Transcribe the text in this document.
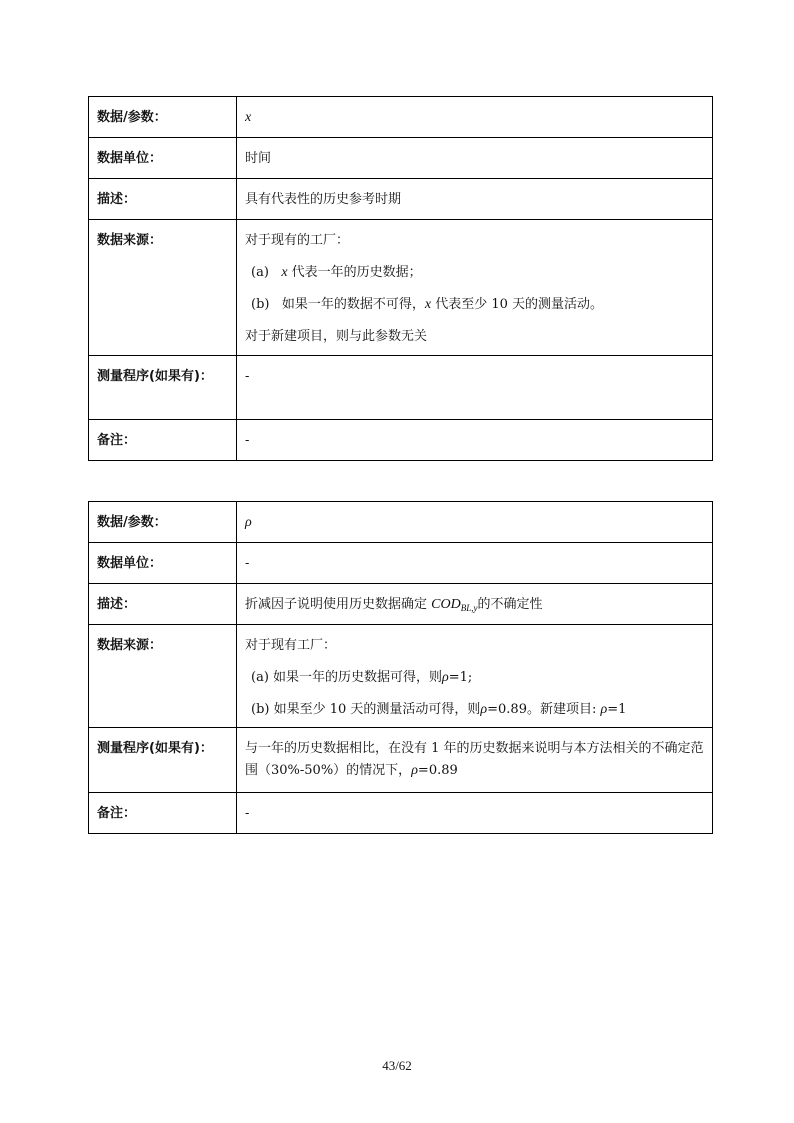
数据/参数：	x
数据单位：	时间
描述：	具有代表性的历史参考时期
数据来源：	对于现有的工厂：
(a) x 代表一年的历史数据；
(b) 如果一年的数据不可得，x 代表至少 10 天的测量活动。
对于新建项目，则与此参数无关

测量程序(如果有)：	-
备注：	-
数据/参数：	ρ
数据单位：	-
描述：	折减因子说明使用历史数据确定 $COD_{BL,y}$的不确定性
数据来源：	对于现有工厂：
(a) 如果一年的历史数据可得，则ρ=1;
(b) 如果至少 10 天的测量活动可得，则ρ=0.89。新建项目: ρ=1

测量程序(如果有)：	与一年的历史数据相比，在没有 1 年的历史数据来说明与本方法相关的不确定范围（30%-50%）的情况下，ρ=0.89
备注：	-
43/62
